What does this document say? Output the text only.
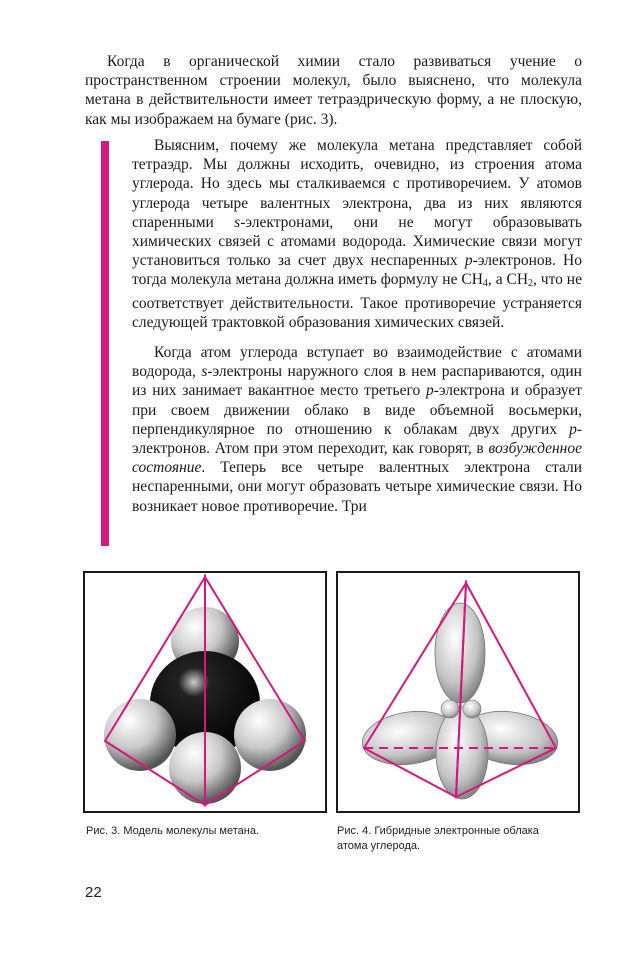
Когда в органической химии стало развиваться учение о пространственном строении молекул, было выяснено, что молекула метана в действительности имеет тетраэдрическую форму, а не плоскую, как мы изображаем на бумаге (рис. 3).

Выясним, почему же молекула метана представляет собой тетраэдр. Мы должны исходить, очевидно, из строения атома углерода. Но здесь мы сталкиваемся с противоречием. У атомов углерода четыре валентных электрона, два из них являются спаренными s-электронами, они не могут образовывать химических связей с атомами водорода. Химические связи могут установиться только за счет двух неспаренных p-электронов. Но тогда молекула метана должна иметь формулу не $CH_4$, а $CH_2$, что не соответствует действительности. Такое противоречие устраняется следующей трактовкой образования химических связей.

Когда атом углерода вступает во взаимодействие с атомами водорода, s-электроны наружного слоя в нем распариваются, один из них занимает вакантное место третьего p-электрона и образует при своем движении облако в виде объемной восьмерки, перпендикулярное по отношению к облакам двух других p-электронов. Атом при этом переходит, как говорят, в возбужденное состояние. Теперь все четыре валентных электрона стали неспаренными, они могут образовать четыре химические связи. Но возникает новое противоречие. Три

Рис. 3. Модель молекулы метана.	Рис. 4. Гибридные электронные облака атома углерода.
22
